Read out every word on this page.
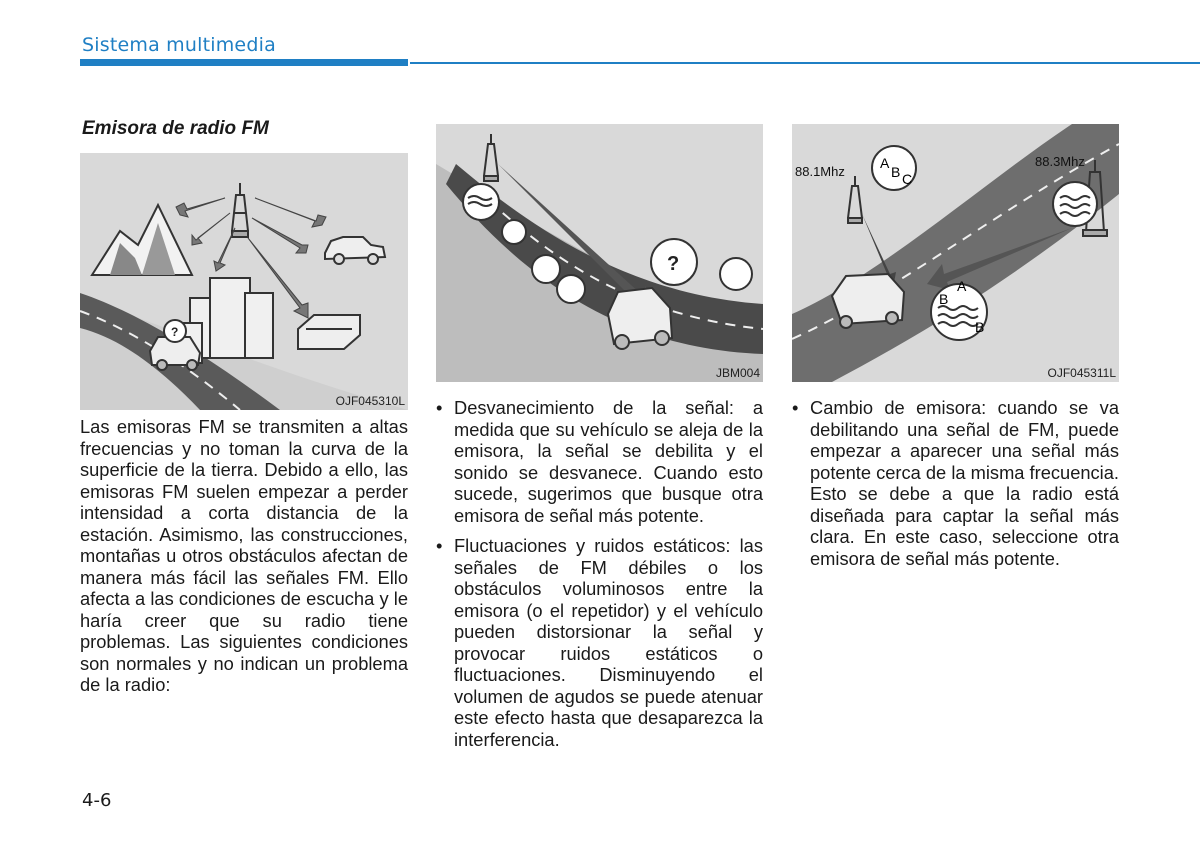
Sistema multimedia
Emisora de radio FM
?
OJF045310L
?
JBM004
88.1Mhz
88.3Mhz
A
B C
A
B
B
OJF045311L
Las emisoras FM se transmiten a altas frecuencias y no toman la curva de la superficie de la tierra. Debido a ello, las emisoras FM suelen empezar a perder intensidad a corta distancia de la estación. Asimismo, las construcciones, montañas u otros obstáculos afectan de manera más fácil las señales FM. Ello afecta a las condiciones de escucha y le haría creer que su radio tiene problemas. Las siguientes condiciones son normales y no indican un problema de la radio:
• Desvanecimiento de la señal: a medida que su vehículo se aleja de la emisora, la señal se debilita y el sonido se desvanece. Cuando esto sucede, sugerimos que busque otra emisora de señal más potente.
• Fluctuaciones y ruidos estáticos: las señales de FM débiles o los obstáculos voluminosos entre la emisora (o el repetidor) y el vehículo pueden distorsionar la señal y provocar ruidos estáticos o fluctuaciones. Disminuyendo el volumen de agudos se puede atenuar este efecto hasta que desaparezca la interferencia.
• Cambio de emisora: cuando se va debilitando una señal de FM, puede empezar a aparecer una señal más potente cerca de la misma frecuencia. Esto se debe a que la radio está diseñada para captar la señal más clara. En este caso, seleccione otra emisora de señal más potente.
4-6
